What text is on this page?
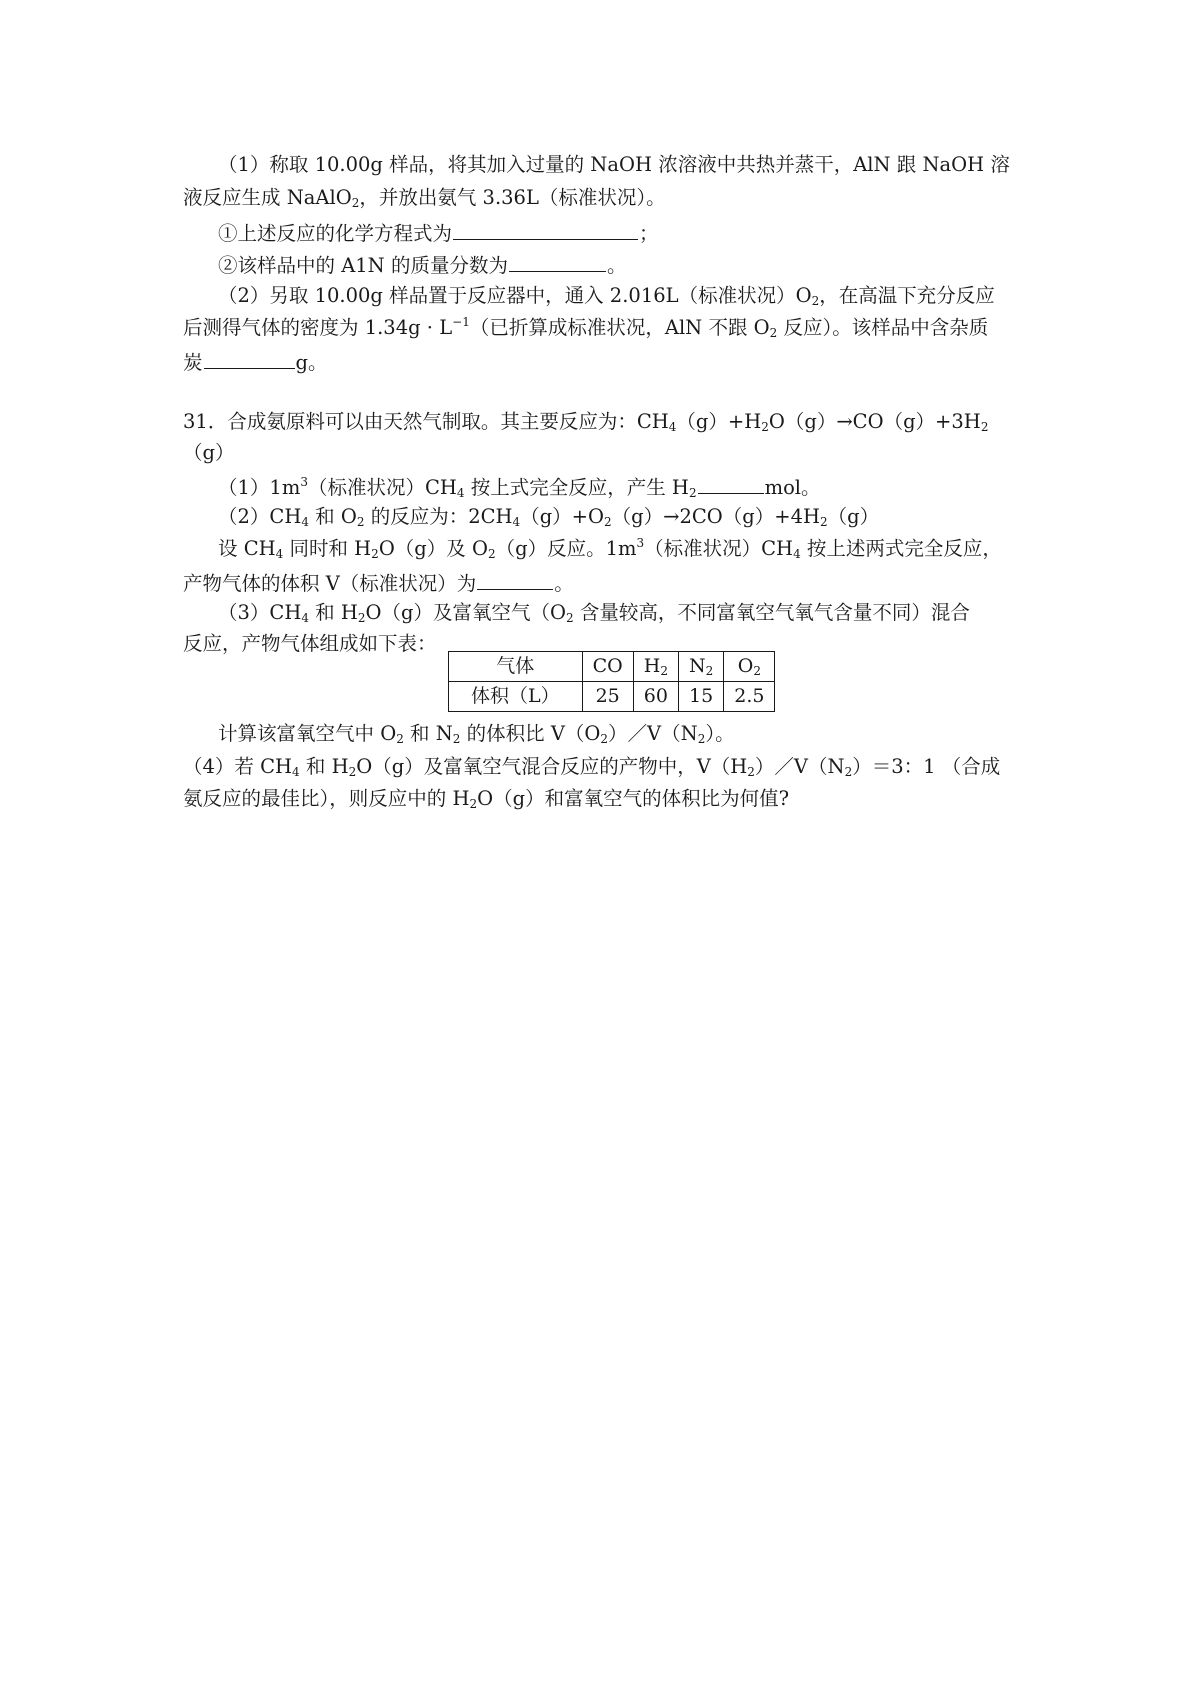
（1）称取 10.00g 样品，将其加入过量的 NaOH 浓溶液中共热并蒸干，AlN 跟 NaOH 溶
液反应生成 NaAlO$_2$，并放出氨气 3.36L（标准状况）。
①上述反应的化学方程式为	；
②该样品中的 A1N 的质量分数为	。
（2）另取 10.00g 样品置于反应器中，通入 2.016L（标准状况）$O_2$，在高温下充分反应
后测得气体的密度为 $1.34g \cdot L^{-1}$（已折算成标准状况，AlN 不跟 $O_2$ 反应）。该样品中含杂质
炭	g。
31．合成氨原料可以由天然气制取。其主要反应为：$CH_4(g)+H_2O(g)\to CO(g)+3H_2$
（g）
$(1)1m^3$（标准状况）$CH_4$ 按上式完全反应，产生 $H_2$	mol。
$(2)CH_4$ 和 $O_2$ 的反应为：$2CH_4(g)+O_2(g)\to 2CO(g)+4H_2(g)$
设 $CH_4$ 同时和 $H_2O(g)$及 $O_2(g)$反应。$1m^3$（标准状况）$CH_4$ 按上述两式完全反应，
产物气体的体积 V（标准状况）为	。
$(3)CH_4$ 和 $H_2O(g)$及富氧空气（$O_2$ 含量较高，不同富氧空气氧气含量不同）混合
反应，产物气体组成如下表：
气体	CO	$H_2$	$N_2$	$O_2$
体积（L）	25	60	15	2.5
计算该富氧空气中 $O_2$ 和 $N_2$ 的体积比 $V(O_2)/V(N_2)$。
（4）若 $CH_4$ 和 $H_2O(g)$及富氧空气混合反应的产物中，$V(H_2)/V(N_2)=3$：1 （合成
氨反应的最佳比），则反应中的 $H_2O(g)$和富氧空气的体积比为何值?
